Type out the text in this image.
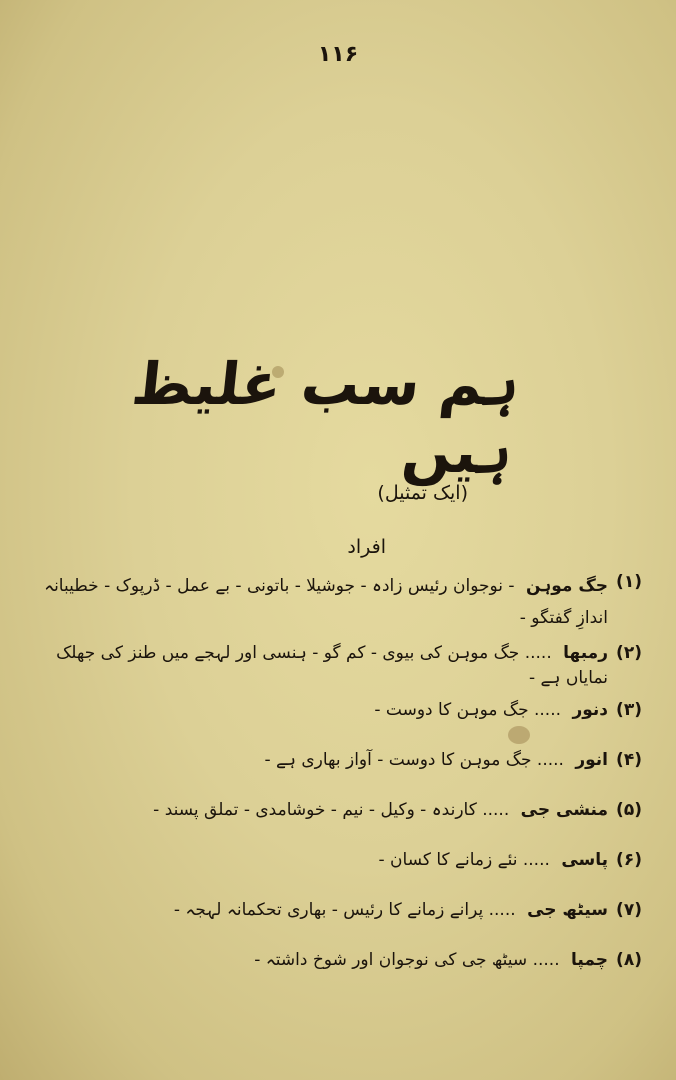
۱۱۶
ہم سب غلیظ ہیں
(ایک تمثیل)
افراد
(۱)
جگ موہن - نوجوان رئیس زادہ - جوشیلا - باتونی - بے عمل - ڈرپوک - خطیبانہ اندازِ گفتگو -
(۲)
رمبھا ..... جگ موہن کی بیوی - کم گو - ہنسی اور لہجے میں طنز کی جھلک نمایاں ہے -
(۳)
دنور ..... جگ موہن کا دوست -
(۴)
انور ..... جگ موہن کا دوست - آواز بھاری ہے -
(۵)
منشی جی ..... کارندہ - وکیل - نیم - خوشامدی - تملق پسند -
(۶)
پاسی ..... نئے زمانے کا کسان -
(۷)
سیٹھ جی ..... پرانے زمانے کا رئیس - بھاری تحکمانہ لہجہ -
(۸)
چمپا ..... سیٹھ جی کی نوجوان اور شوخ داشتہ -
